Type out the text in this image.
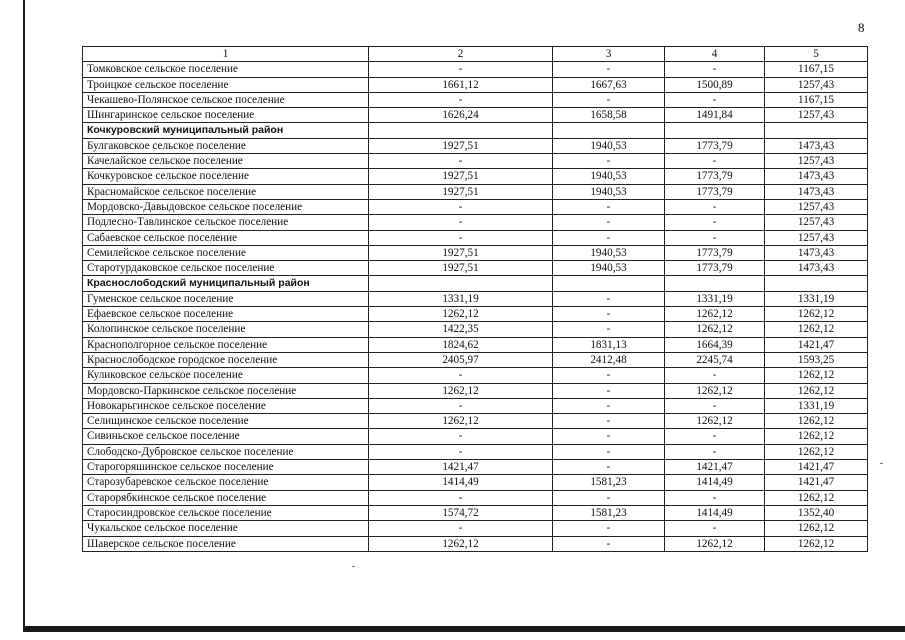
8
1	2	3	4	5
Томковское сельское поселение	-	-	-	1167,15
Троицкое сельское поселение	1661,12	1667,63	1500,89	1257,43
Чекашево-Полянское сельское поселение	-	-	-	1167,15
Шингаринское сельское поселение	1626,24	1658,58	1491,84	1257,43
Кочкуровский муниципальный район				
Булгаковское сельское поселение	1927,51	1940,53	1773,79	1473,43
Качелайское сельское поселение	-	-	-	1257,43
Кочкуровское сельское поселение	1927,51	1940,53	1773,79	1473,43
Красномайское сельское поселение	1927,51	1940,53	1773,79	1473,43
Мордовско-Давыдовское сельское поселение	-	-	-	1257,43
Подлесно-Тавлинское сельское поселение	-	-	-	1257,43
Сабаевское сельское поселение	-	-	-	1257,43
Семилейское сельское поселение	1927,51	1940,53	1773,79	1473,43
Старотурдаковское сельское поселение	1927,51	1940,53	1773,79	1473,43
Краснослободский муниципальный район				
Гуменское сельское поселение	1331,19	-	1331,19	1331,19
Ефаевское сельское поселение	1262,12	-	1262,12	1262,12
Колопинское сельское поселение	1422,35	-	1262,12	1262,12
Краснополгорное сельское поселение	1824,62	1831,13	1664,39	1421,47
Краснослободское городское поселение	2405,97	2412,48	2245,74	1593,25
Куликовское сельское поселение	-	-	-	1262,12
Мордовско-Паркинское сельское поселение	1262,12	-	1262,12	1262,12
Новокарьгинское сельское поселение	-	-	-	1331,19
Селищинское сельское поселение	1262,12	-	1262,12	1262,12
Сивиньское сельское поселение	-	-	-	1262,12
Слободско-Дубровское сельское поселение	-	-	-	1262,12
Старогоряшинское сельское поселение	1421,47	-	1421,47	1421,47
Старозубаревское сельское поселение	1414,49	1581,23	1414,49	1421,47
Старорябкинское сельское поселение	-	-	-	1262,12
Старосиндровское сельское поселение	1574,72	1581,23	1414,49	1352,40
Чукальское сельское поселение	-	-	-	1262,12
Шаверское сельское поселение	1262,12	-	1262,12	1262,12
